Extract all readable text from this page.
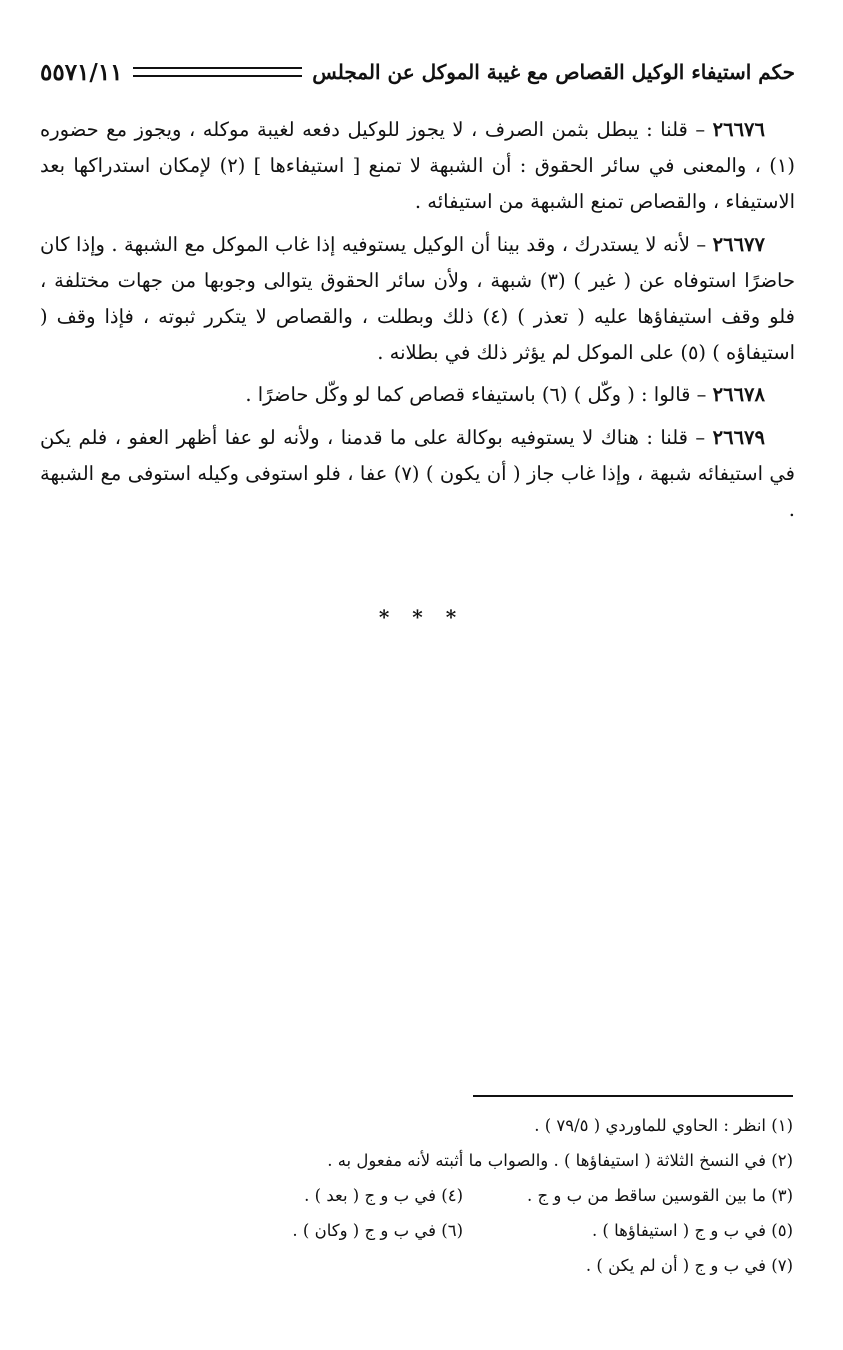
حكم استيفاء الوكيل القصاص مع غيبة الموكل عن المجلس
٥٥٧١/١١

٢٦٦٧٦ – قلنا : يبطل بثمن الصرف ، لا يجوز للوكيل دفعه لغيبة موكله ، ويجوز مع حضوره (١) ، والمعنى في سائر الحقوق : أن الشبهة لا تمنع [ استيفاءها ] (٢) لإمكان استدراكها بعد الاستيفاء ، والقصاص تمنع الشبهة من استيفائه .

٢٦٦٧٧ – لأنه لا يستدرك ، وقد بينا أن الوكيل يستوفيه إذا غاب الموكل مع الشبهة . وإذا كان حاضرًا استوفاه عن ( غير ) (٣) شبهة ، ولأن سائر الحقوق يتوالى وجوبها من جهات مختلفة ، فلو وقف استيفاؤها عليه ( تعذر ) (٤) ذلك وبطلت ، والقصاص لا يتكرر ثبوته ، فإذا وقف ( استيفاؤه ) (٥) على الموكل لم يؤثر ذلك في بطلانه .

٢٦٦٧٨ – قالوا : ( وكّل ) (٦) باستيفاء قصاص كما لو وكّل حاضرًا .

٢٦٦٧٩ – قلنا : هناك لا يستوفيه بوكالة على ما قدمنا ، ولأنه لو عفا أظهر العفو ، فلم يكن في استيفائه شبهة ، وإذا غاب جاز ( أن يكون ) (٧) عفا ، فلو استوفى وكيله استوفى مع الشبهة .

* * *
(١) انظر : الحاوي للماوردي ( ٧٩/٥ ) .
(٢) في النسخ الثلاثة ( استيفاؤها ) . والصواب ما أثبته لأنه مفعول به .
(٣) ما بين القوسين ساقط من ب و ج .
(٤) في ب و ج ( بعد ) .
(٥) في ب و ج ( استيفاؤها ) .
(٦) في ب و ج ( وكان ) .
(٧) في ب و ج ( أن لم يكن ) .
